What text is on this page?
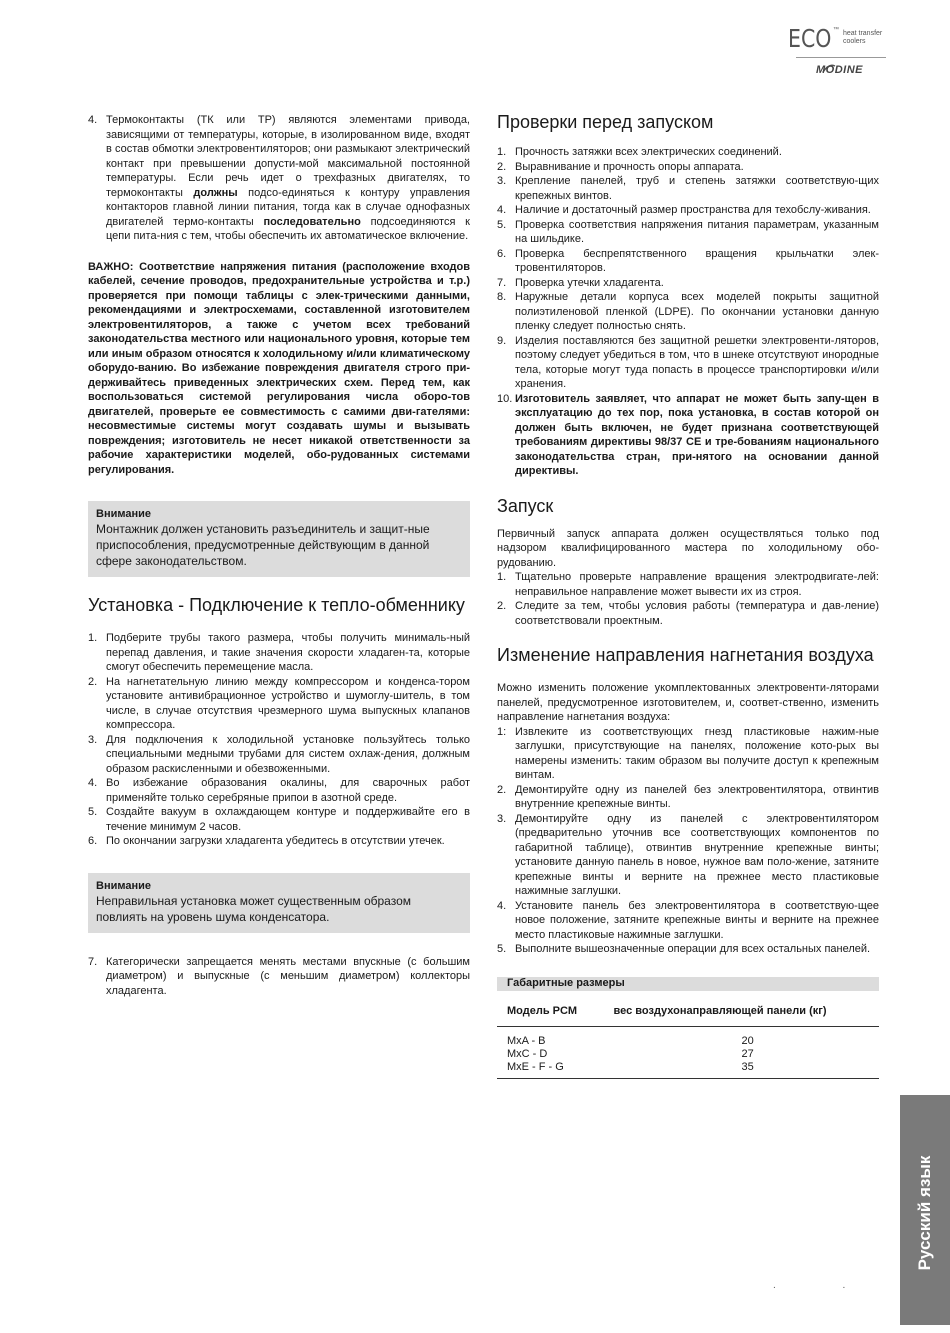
ECO ™ heat transfer
coolers
MODINE
4. Термоконтакты (ТК или ТР) являются элементами привода, зависящими от температуры, которые, в изолированном виде, входят в состав обмотки электровентиляторов; они размыкают электрический контакт при превышении допусти-мой максимальной постоянной температуры. Если речь идет о трехфазных двигателях, то термоконтакты должны подсо-единяться к контуру управления контакторов главной линии питания, тогда как в случае однофазных двигателей термо-контакты последовательно подсоединяются к цепи пита-ния с тем, чтобы обеспечить их автоматическое включение.

ВАЖНО: Соответствие напряжения питания (расположение входов кабелей, сечение проводов, предохранительные устройства и т.р.) проверяется при помощи таблицы с элек-трическими данными, рекомендациями и электросхемами, составленной изготовителем электровентиляторов, а также с учетом всех требований законодательства местного или национального уровня, которые тем или иным образом относятся к холодильному и/или климатическому оборудо-ванию. Во избежание повреждения двигателя строго при-держивайтесь приведенных электрических схем. Перед тем, как воспользоваться системой регулирования числа оборо-тов двигателей, проверьте ее совместимость с самими дви-гателями: несовместимые системы могут создавать шумы и вызывать повреждения; изготовитель не несет никакой ответственности за рабочие характеристики моделей, обо-рудованных системами регулирования.

Внимание
Монтажник должен установить разъединитель и защит-ные приспособления, предусмотренные действующим в данной сфере законодательством.
Установка - Подключение к тепло-обменнику
1. Подберите трубы такого размера, чтобы получить минималь-ный перепад давления, и такие значения скорости хладаген-та, которые смогут обеспечить перемещение масла.
2. На нагнетательную линию между компрессором и конденса-тором установите антивибрационное устройство и шумоглу-шитель, в том числе, в случае отсутствия чрезмерного шума выпускных клапанов компрессора.
3. Для подключения к холодильной установке пользуйтесь только специальными медными трубами для систем охлаж-дения, должным образом раскисленными и обезвоженными.
4. Во избежание образования окалины, для сварочных работ применяйте только серебряные припои в азотной среде.
5. Создайте вакуум в охлаждающем контуре и поддерживайте его в течение минимум 2 часов.
6. По окончании загрузки хладагента убедитесь в отсутствии утечек.
Внимание
Неправильная установка может существенным образом повлиять на уровень шума конденсатора.
7. Категорически запрещается менять местами впускные (с большим диаметром) и выпускные (с меньшим диаметром) коллекторы хладагента.
Проверки перед запуском
1. Прочность затяжки всех электрических соединений.
2. Выравнивание и прочность опоры аппарата.
3. Крепление панелей, труб и степень затяжки соответствую-щих крепежных винтов.
4. Наличие и достаточный размер пространства для техобслу-живания.
5. Проверка соответствия напряжения питания параметрам, указанным на шильдике.
6. Проверка беспрепятственного вращения крыльчатки элек-тровентиляторов.
7. Проверка утечки хладагента.
8. Наружные детали корпуса всех моделей покрыты защитной полиэтиленовой пленкой (LDPE). По окончании установки данную пленку следует полностью снять.
9. Изделия поставляются без защитной решетки электровенти-ляторов, поэтому следует убедиться в том, что в шнеке отсутствуют инородные тела, которые могут туда попасть в процессе транспортировки и/или хранения.
10. Изготовитель заявляет, что аппарат не может быть запу-щен в эксплуатацию до тех пор, пока установка, в состав которой он должен быть включен, не будет признана соответствующей требованиям директивы 98/37 CE и тре-бованиям национального законодательства стран, при-нятого на основании данной директивы.
Запуск

Первичный запуск аппарата должен осуществляться только под надзором квалифицированного мастера по холодильному обо-рудованию.

1. Тщательно проверьте направление вращения электродвигате-лей: неправильное направление может вывести их из строя.
2. Следите за тем, чтобы условия работы (температура и дав-ление) соответствовали проектным.
Изменение направления нагнетания воздуха

Можно изменить положение укомплектованных электровенти-ляторами панелей, предусмотренное изготовителем, и, соответ-ственно, изменить направление нагнетания воздуха:

1: Извлеките из соответствующих гнезд пластиковые нажим-ные заглушки, присутствующие на панелях, положение кото-рых вы намерены изменить: таким образом вы получите доступ к крепежным винтам.
2. Демонтируйте одну из панелей без электровентилятора, отвинтив внутренние крепежные винты.
3. Демонтируйте одну из панелей с электровентилятором (предварительно уточнив все соответствующих компонентов по габаритной таблице), отвинтив внутренние крепежные винты; установите данную панель в новое, нужное вам поло-жение, затяните крепежные винты и верните на прежнее место пластиковые нажимные заглушки.
4. Установите панель без электровентилятора в соответствую-щее новое положение, затяните крепежные винты и верните на прежнее место пластиковые нажимные заглушки.
5. Выполните вышеозначенные операции для всех остальных панелей.
Габаритные размеры	
Модель PCM	вес воздухонаправляющей панели (кг)
MxA - B	20
MxC - D	27
MxE - F - G	35
Русский язык
. .
